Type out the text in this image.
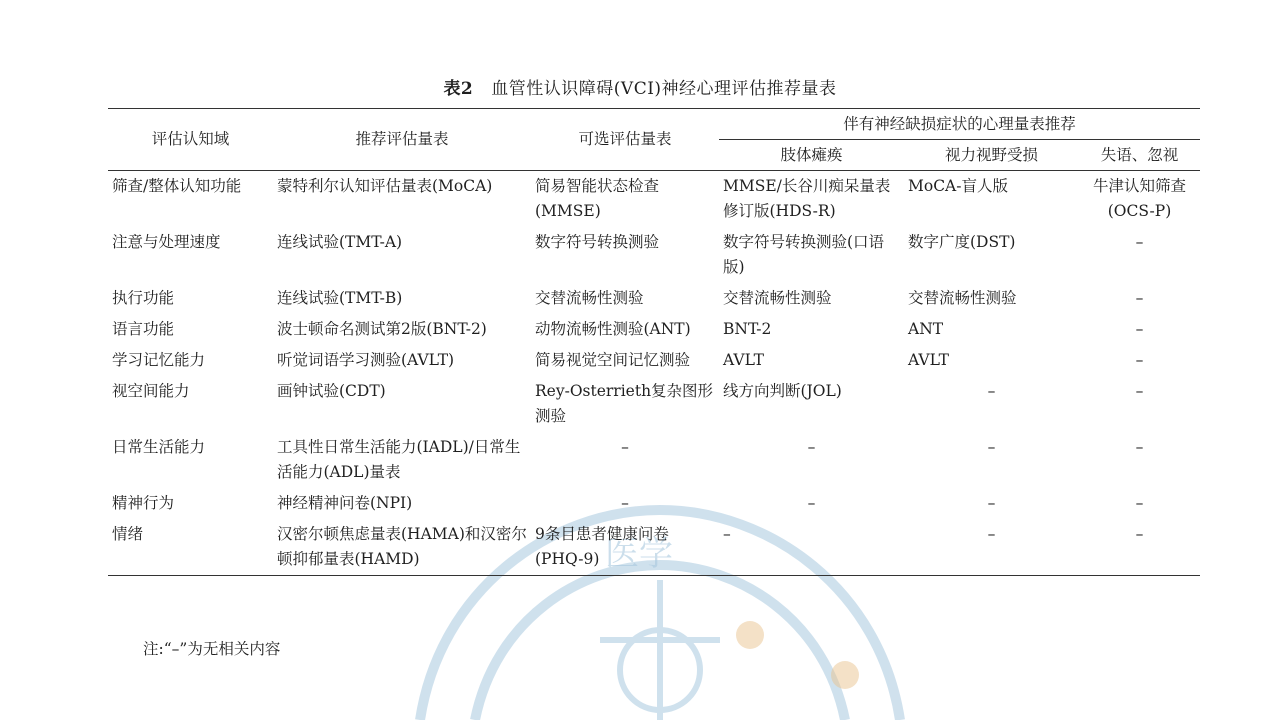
医学
表2 血管性认识障碍(VCI)神经心理评估推荐量表
评估认知域	推荐评估量表	可选评估量表	伴有神经缺损症状的心理量表推荐		
			肢体瘫痪	视力视野受损	失语、忽视
筛查/整体认知功能	蒙特利尔认知评估量表(MoCA)	简易智能状态检查(MMSE)	MMSE/长谷川痴呆量表修订版(HDS-R)	MoCA-盲人版	牛津认知筛查(OCS-P)
注意与处理速度	连线试验(TMT-A)	数字符号转换测验	数字符号转换测验(口语版)	数字广度(DST)	–
执行功能	连线试验(TMT-B)	交替流畅性测验	交替流畅性测验	交替流畅性测验	–
语言功能	波士顿命名测试第2版(BNT-2)	动物流畅性测验(ANT)	BNT-2	ANT	–
学习记忆能力	听觉词语学习测验(AVLT)	简易视觉空间记忆测验	AVLT	AVLT	–
视空间能力	画钟试验(CDT)	Rey-Osterrieth复杂图形测验	线方向判断(JOL)	–	–
日常生活能力	工具性日常生活能力(IADL)/日常生活能力(ADL)量表	–	–	–	–
精神行为	神经精神问卷(NPI)	–	–	–	–
情绪	汉密尔顿焦虑量表(HAMA)和汉密尔顿抑郁量表(HAMD)	9条目患者健康问卷(PHQ-9)	–	–	–
注:“–”为无相关内容
